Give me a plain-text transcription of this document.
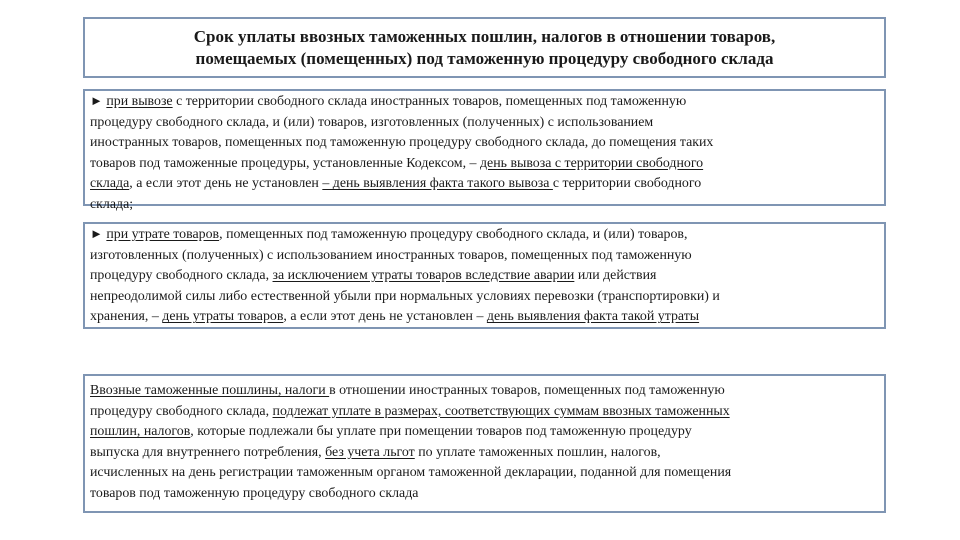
Срок уплаты ввозных таможенных пошлин, налогов в отношении товаров,
помещаемых (помещенных) под таможенную процедуру свободного склада
► при вывозе с территории свободного склада иностранных товаров, помещенных под таможенную
процедуру свободного склада, и (или) товаров, изготовленных (полученных) с использованием
иностранных товаров, помещенных под таможенную процедуру свободного склада, до помещения таких
товаров под таможенные процедуры, установленные Кодексом, – день вывоза с территории свободного
склада, а если этот день не установлен – день выявления факта такого вывоза с территории свободного
склада;
► при утрате товаров, помещенных под таможенную процедуру свободного склада, и (или) товаров,
изготовленных (полученных) с использованием иностранных товаров, помещенных под таможенную
процедуру свободного склада, за исключением утраты товаров вследствие аварии или действия
непреодолимой силы либо естественной убыли при нормальных условиях перевозки (транспортировки) и
хранения, – день утраты товаров, а если этот день не установлен – день выявления факта такой утраты
Ввозные таможенные пошлины, налоги в отношении иностранных товаров, помещенных под таможенную
процедуру свободного склада, подлежат уплате в размерах, соответствующих суммам ввозных таможенных
пошлин, налогов, которые подлежали бы уплате при помещении товаров под таможенную процедуру
выпуска для внутреннего потребления, без учета льгот по уплате таможенных пошлин, налогов,
исчисленных на день регистрации таможенным органом таможенной декларации, поданной для помещения
товаров под таможенную процедуру свободного склада
